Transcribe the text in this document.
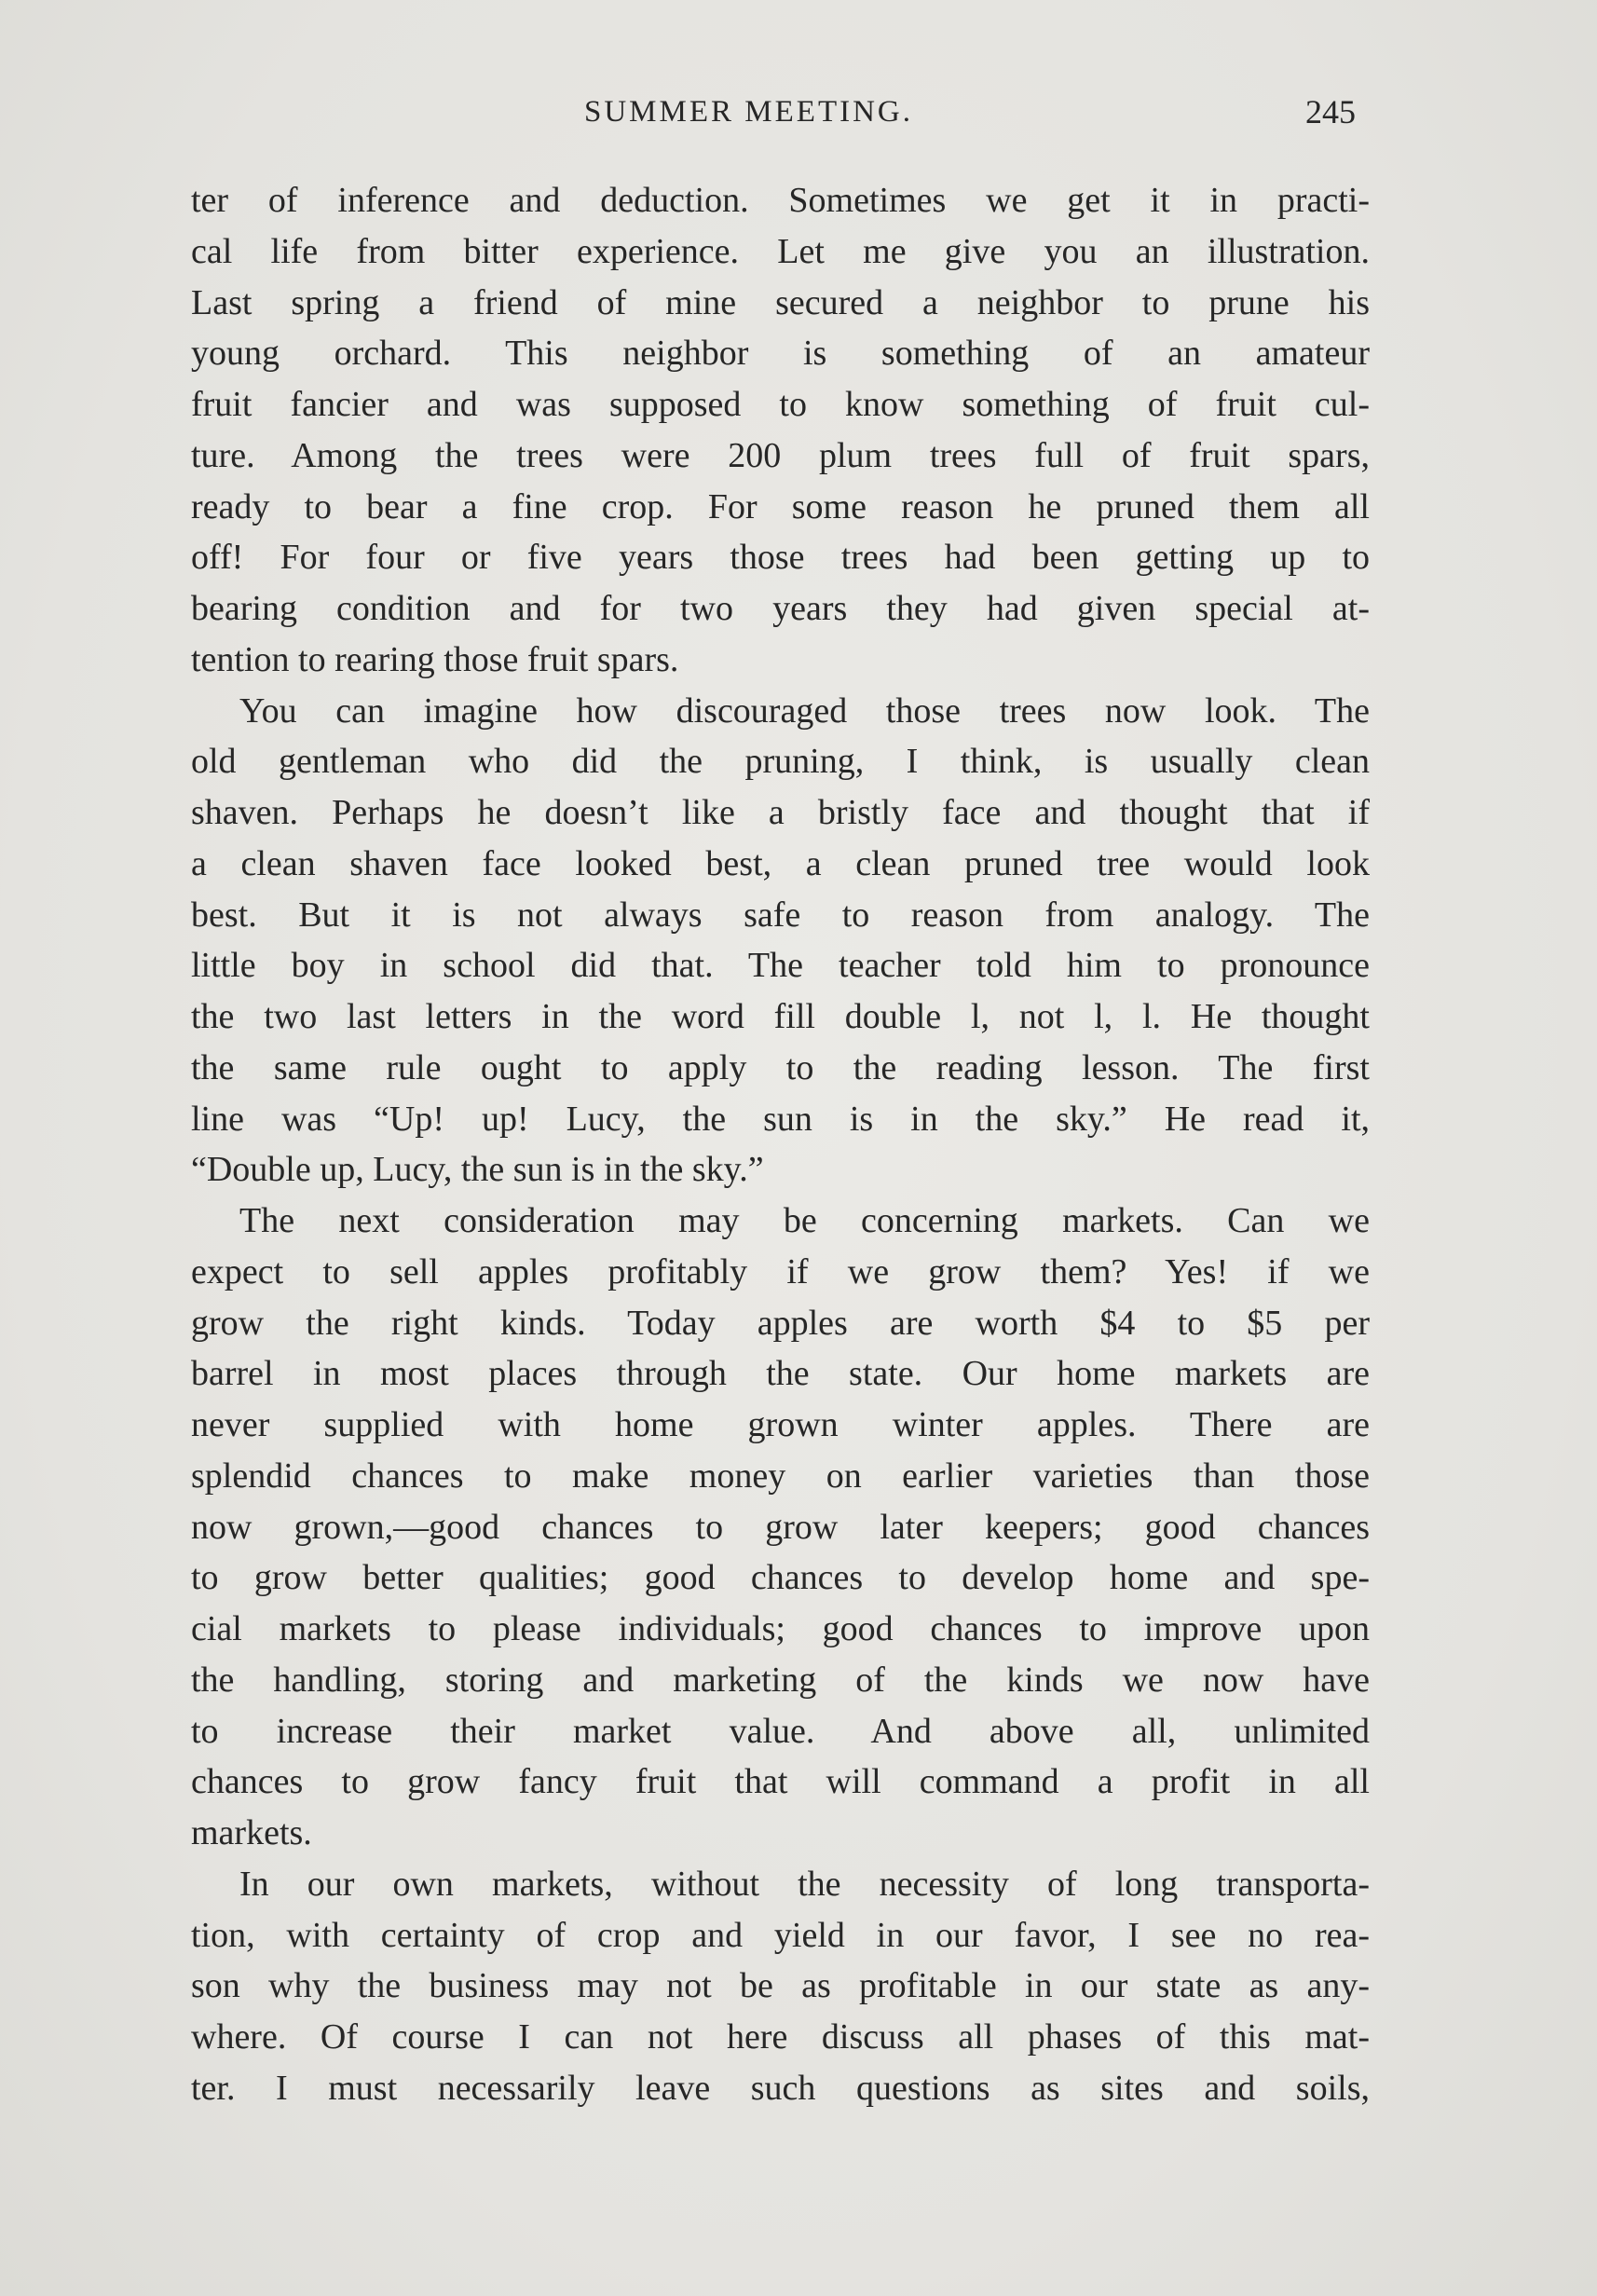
SUMMER MEETING.	245
ter of inference and deduction. Sometimes we get it in practi-
cal life from bitter experience. Let me give you an illustration.
Last spring a friend of mine secured a neighbor to prune his
young orchard. This neighbor is something of an amateur
fruit fancier and was supposed to know something of fruit cul-
ture. Among the trees were 200 plum trees full of fruit spars,
ready to bear a fine crop. For some reason he pruned them all
off! For four or five years those trees had been getting up to
bearing condition and for two years they had given special at-
tention to rearing those fruit spars.
You can imagine how discouraged those trees now look. The
old gentleman who did the pruning, I think, is usually clean
shaven. Perhaps he doesn’t like a bristly face and thought that if
a clean shaven face looked best, a clean pruned tree would look
best. But it is not always safe to reason from analogy. The
little boy in school did that. The teacher told him to pronounce
the two last letters in the word fill double l, not l, l. He thought
the same rule ought to apply to the reading lesson. The first
line was “Up! up! Lucy, the sun is in the sky.” He read it,
“Double up, Lucy, the sun is in the sky.”
The next consideration may be concerning markets. Can we
expect to sell apples profitably if we grow them? Yes! if we
grow the right kinds. Today apples are worth $4 to $5 per
barrel in most places through the state. Our home markets are
never supplied with home grown winter apples. There are
splendid chances to make money on earlier varieties than those
now grown,—good chances to grow later keepers; good chances
to grow better qualities; good chances to develop home and spe-
cial markets to please individuals; good chances to improve upon
the handling, storing and marketing of the kinds we now have
to increase their market value. And above all, unlimited
chances to grow fancy fruit that will command a profit in all
markets.
In our own markets, without the necessity of long transporta-
tion, with certainty of crop and yield in our favor, I see no rea-
son why the business may not be as profitable in our state as any-
where. Of course I can not here discuss all phases of this mat-
ter. I must necessarily leave such questions as sites and soils,
